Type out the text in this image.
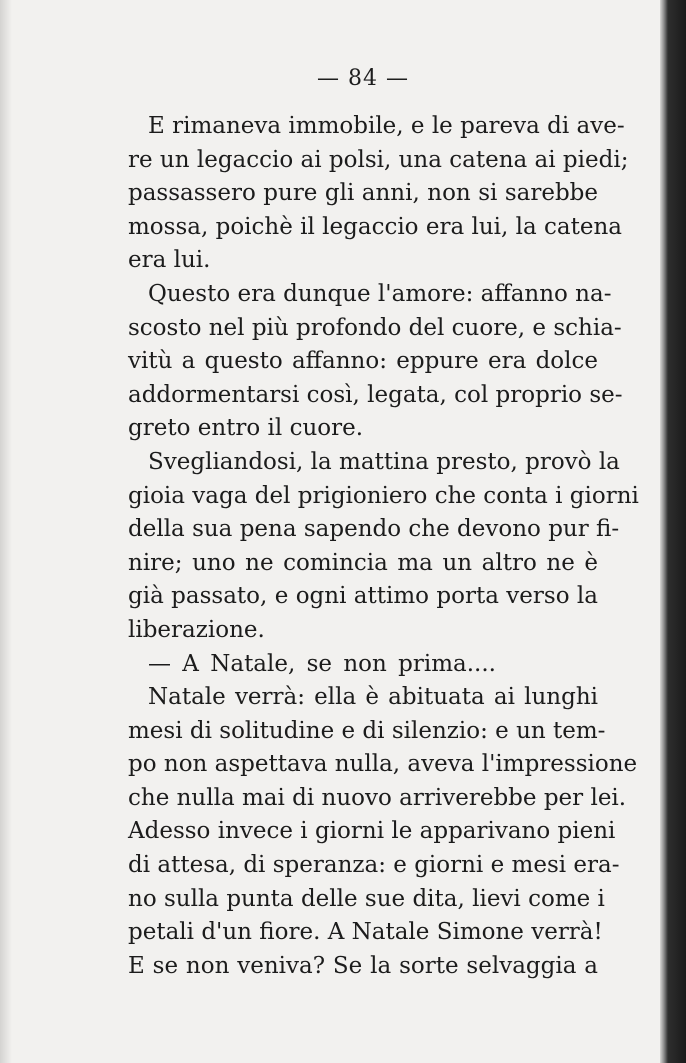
— 84 —
E rimaneva immobile, e le pareva di ave-
re un legaccio ai polsi, una catena ai piedi;
passassero pure gli anni, non si sarebbe
mossa, poichè il legaccio era lui, la catena
era lui.
Questo era dunque l'amore: affanno na-
scosto nel più profondo del cuore, e schia-
vitù a questo affanno: eppure era dolce
addormentarsi così, legata, col proprio se-
greto entro il cuore.
Svegliandosi, la mattina presto, provò la
gioia vaga del prigioniero che conta i giorni
della sua pena sapendo che devono pur fi-
nire; uno ne comincia ma un altro ne è
già passato, e ogni attimo porta verso la
liberazione.
— A Natale, se non prima....
Natale verrà: ella è abituata ai lunghi
mesi di solitudine e di silenzio: e un tem-
po non aspettava nulla, aveva l'impressione
che nulla mai di nuovo arriverebbe per lei.
Adesso invece i giorni le apparivano pieni
di attesa, di speranza: e giorni e mesi era-
no sulla punta delle sue dita, lievi come i
petali d'un fiore. A Natale Simone verrà!
E se non veniva? Se la sorte selvaggia a
